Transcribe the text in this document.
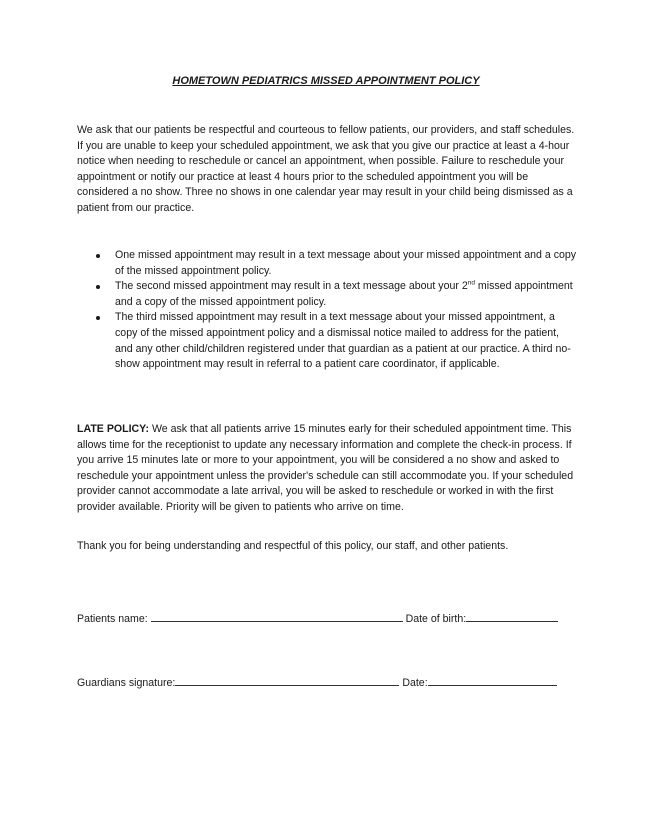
HOMETOWN PEDIATRICS MISSED APPOINTMENT POLICY

We ask that our patients be respectful and courteous to fellow patients, our providers, and staff schedules. If you are unable to keep your scheduled appointment, we ask that you give our practice at least a 4-hour notice when needing to reschedule or cancel an appointment, when possible. Failure to reschedule your appointment or notify our practice at least 4 hours prior to the scheduled appointment you will be considered a no show. Three no shows in one calendar year may result in your child being dismissed as a patient from our practice.

One missed appointment may result in a text message about your missed appointment and a copy of the missed appointment policy.
The second missed appointment may result in a text message about your 2nd missed appointment and a copy of the missed appointment policy.
The third missed appointment may result in a text message about your missed appointment, a copy of the missed appointment policy and a dismissal notice mailed to address for the patient, and any other child/children registered under that guardian as a patient at our practice. A third no-show appointment may result in referral to a patient care coordinator, if applicable.

LATE POLICY: We ask that all patients arrive 15 minutes early for their scheduled appointment time. This allows time for the receptionist to update any necessary information and complete the check-in process. If you arrive 15 minutes late or more to your appointment, you will be considered a no show and asked to reschedule your appointment unless the provider's schedule can still accommodate you. If your scheduled provider cannot accommodate a late arrival, you will be asked to reschedule or worked in with the first provider available. Priority will be given to patients who arrive on time.

Thank you for being understanding and respectful of this policy, our staff, and other patients.

Patients name:	Date of birth:
Guardians signature:	Date:
